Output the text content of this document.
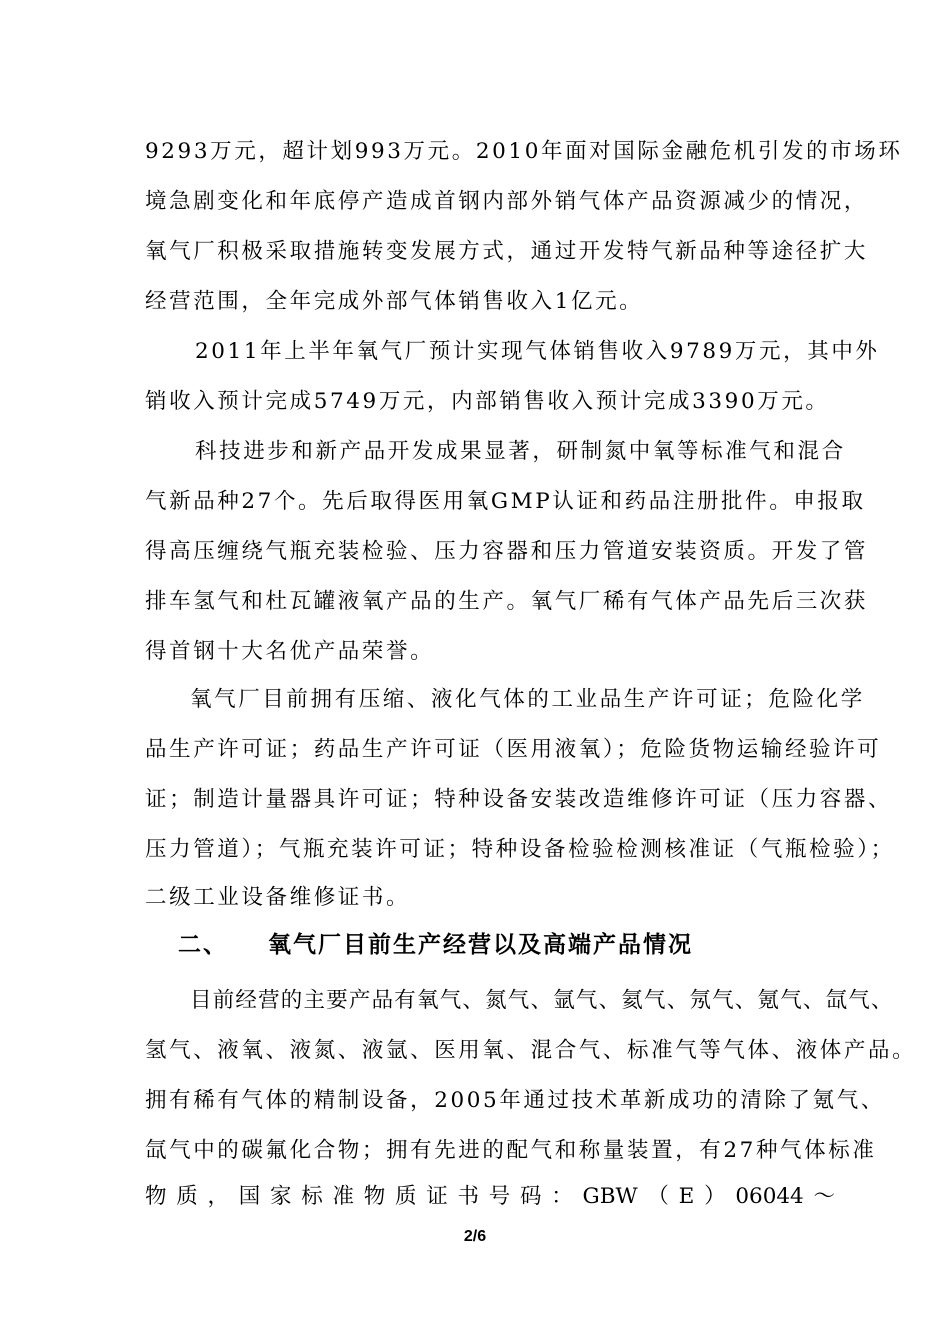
9293万元，超计划993万元。2010年面对国际金融危机引发的市场环
境急剧变化和年底停产造成首钢内部外销气体产品资源减少的情况，
氧气厂积极采取措施转变发展方式，通过开发特气新品种等途径扩大
经营范围，全年完成外部气体销售收入1亿元。
2011年上半年氧气厂预计实现气体销售收入9789万元，其中外
销收入预计完成5749万元，内部销售收入预计完成3390万元。
科技进步和新产品开发成果显著，研制氮中氧等标准气和混合
气新品种27个。先后取得医用氧GMP认证和药品注册批件。申报取
得高压缠绕气瓶充装检验、压力容器和压力管道安装资质。开发了管
排车氢气和杜瓦罐液氧产品的生产。氧气厂稀有气体产品先后三次获
得首钢十大名优产品荣誉。
氧气厂目前拥有压缩、液化气体的工业品生产许可证；危险化学
品生产许可证；药品生产许可证（医用液氧）；危险货物运输经验许可
证；制造计量器具许可证；特种设备安装改造维修许可证（压力容器、
压力管道）；气瓶充装许可证；特种设备检验检测核准证（气瓶检验）；
二级工业设备维修证书。
二、 氧气厂目前生产经营以及高端产品情况
目前经营的主要产品有氧气、氮气、氩气、氦气、氖气、氪气、氙气、
氢气、液氧、液氮、液氩、医用氧、混合气、标准气等气体、液体产品。
拥有稀有气体的精制设备，2005年通过技术革新成功的清除了氪气、
氙气中的碳氟化合物；拥有先进的配气和称量装置，有27种气体标准
物质，国家标准物质证书号码：GBW（E）06044～
2/6
